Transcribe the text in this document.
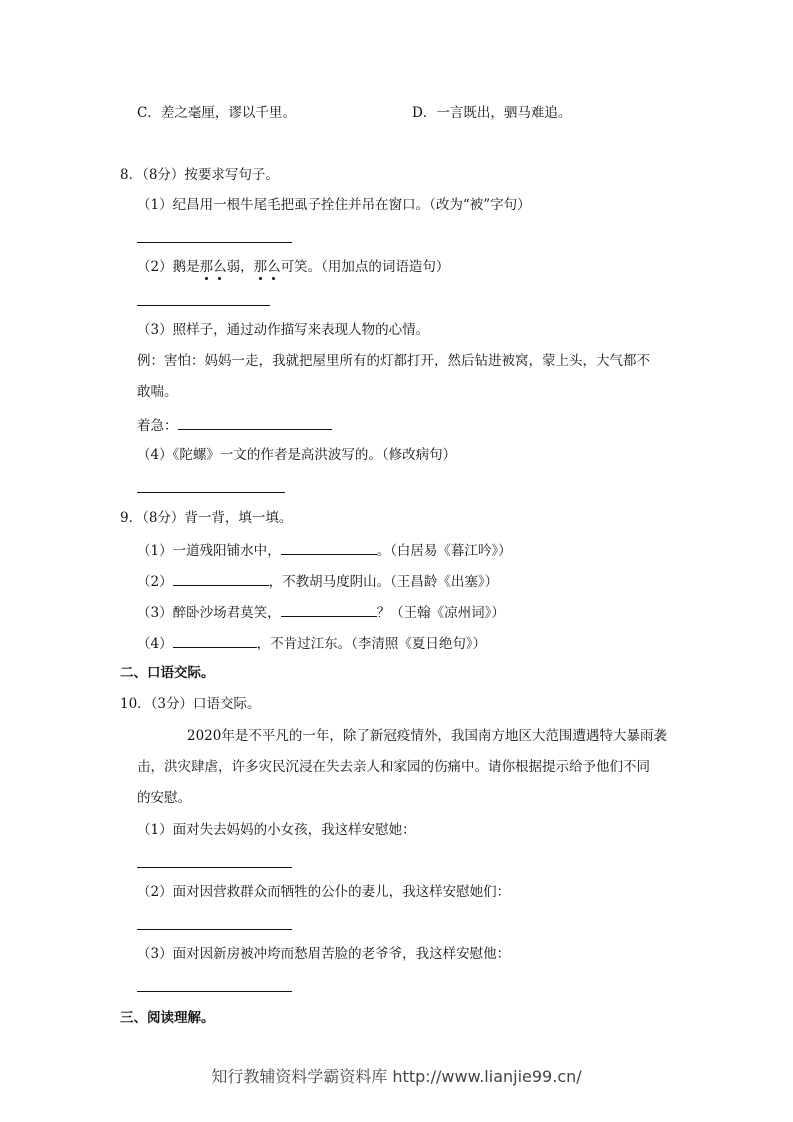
C．差之毫厘，谬以千里。	D．一言既出，驷马难追。
8．（8分）按要求写句子。
（1）纪昌用一根牛尾毛把虱子拴住并吊在窗口。（改为“被”字句）
（2）鹅是那么弱，那么可笑。（用加点的词语造句）
（3）照样子，通过动作描写来表现人物的心情。
例：害怕：妈妈一走，我就把屋里所有的灯都打开，然后钻进被窝，蒙上头，大气都不
敢喘。
着急：
（4）《陀螺》一文的作者是高洪波写的。（修改病句）
9．（8分）背一背，填一填。
（1）一道残阳铺水中，	。（白居易《暮江吟》）
（2）	，不教胡马度阴山。（王昌龄《出塞》）
（3）醉卧沙场君莫笑，	？（王翰《凉州词》）
（4）	，不肯过江东。（李清照《夏日绝句》）
二、口语交际。
10．（3分）口语交际。
2020年是不平凡的一年，除了新冠疫情外，我国南方地区大范围遭遇特大暴雨袭
击，洪灾肆虐，许多灾民沉浸在失去亲人和家园的伤痛中。请你根据提示给予他们不同
的安慰。
（1）面对失去妈妈的小女孩，我这样安慰她：
（2）面对因营救群众而牺牲的公仆的妻儿，我这样安慰她们：
（3）面对因新房被冲垮而愁眉苦脸的老爷爷，我这样安慰他：
三、阅读理解。
知行教辅资料学霸资料库 http://www.lianjie99.cn/
